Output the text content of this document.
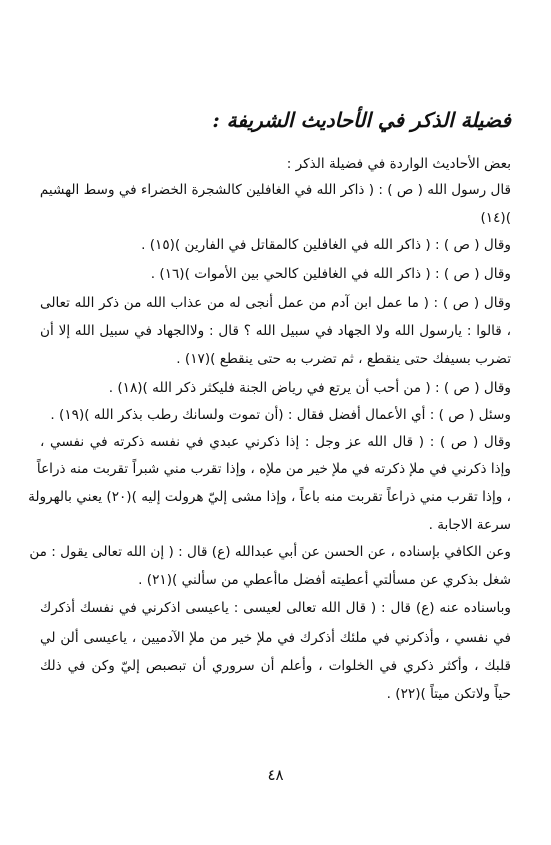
فضيلة الذكر في الأحاديث الشريفة :
بعض الأحاديث الواردة في فضيلة الذكر :
قال رسول الله ( ص ) : ( ذاكر الله في الغافلين كالشجرة الخضراء في وسط الهشيم
)(١٤)
وقال ( ص ) : ( ذاكر الله في الغافلين كالمقاتل في الفارين )(١٥) .
وقال ( ص ) : ( ذاكر الله في الغافلين كالحي بين الأموات )(١٦) .
وقال ( ص ) : ( ما عمل ابن آدم من عمل أنجى له من عذاب الله من ذكر الله تعالى
، قالوا : يارسول الله ولا الجهاد في سبيل الله ؟ قال : ولاالجهاد في سبيل الله إلا أن
تضرب بسيفك حتى ينقطع ، ثم تضرب به حتى ينقطع )(١٧) .
وقال ( ص ) : ( من أحب أن يرتع في رياض الجنة فليكثر ذكر الله )(١٨) .
وسئل ( ص ) : أي الأعمال أفضل فقال : (أن تموت ولسانك رطب بذكر الله )(١٩) .
وقال ( ص ) : ( قال الله عز وجل : إذا ذكرني عبدي في نفسه ذكرته في نفسي ،
وإذا ذكرني في ملإ ذكرته في ملإ خير من ملإه ، وإذا تقرب مني شبراً تقربت منه ذراعاً
، وإذا تقرب مني ذراعاً تقربت منه باعاً ، وإذا مشى إليّ هرولت إليه )(٢٠) يعني بالهرولة
سرعة الاجابة .
وعن الكافي بإسناده ، عن الحسن عن أبي عبدالله (ع) قال : ( إن الله تعالى يقول : من
شغل بذكري عن مسألتي أعطيته أفضل ماأعطي من سألني )(٢١) .
وباسناده عنه (ع) قال : ( قال الله تعالى لعيسى : ياعيسى اذكرني في نفسك أذكرك
في نفسي ، وأذكرني في ملئك أذكرك في ملإ خير من ملإ الآدميين ، ياعيسى ألن لي
قلبك ، وأكثر ذكري في الخلوات ، وأعلم أن سروري أن تبصبص إليّ وكن في ذلك
حياً ولاتكن ميتاً )(٢٢) .
٤٨
